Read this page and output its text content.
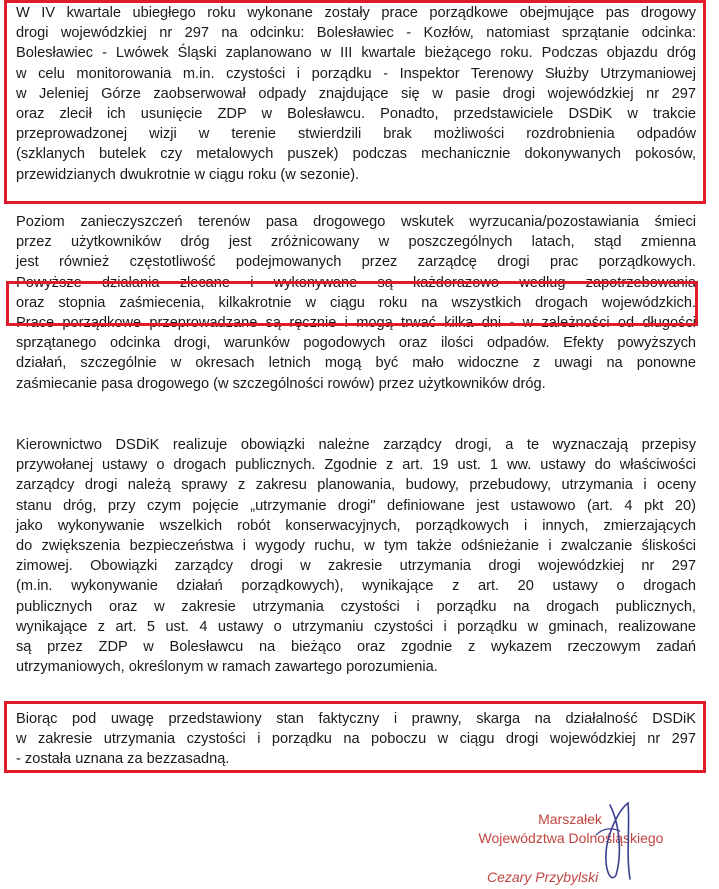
W IV kwartale ubiegłego roku wykonane zostały prace porządkowe obejmujące pas drogowy
drogi wojewódzkiej nr 297 na odcinku: Bolesławiec - Kozłów, natomiast sprzątanie odcinka:
Bolesławiec - Lwówek Śląski zaplanowano w III kwartale bieżącego roku. Podczas objazdu dróg
w celu monitorowania m.in. czystości i porządku - Inspektor Terenowy Służby Utrzymaniowej
w Jeleniej Górze zaobserwował odpady znajdujące się w pasie drogi wojewódzkiej nr 297
oraz zlecił ich usunięcie ZDP w Bolesławcu. Ponadto, przedstawiciele DSDiK w trakcie
przeprowadzonej wizji w terenie stwierdzili brak możliwości rozdrobnienia odpadów
(szklanych butelek czy metalowych puszek) podczas mechanicznie dokonywanych pokosów,
przewidzianych dwukrotnie w ciągu roku (w sezonie).
Poziom zanieczyszczeń terenów pasa drogowego wskutek wyrzucania/pozostawiania śmieci
przez użytkowników dróg jest zróżnicowany w poszczególnych latach, stąd zmienna
jest również częstotliwość podejmowanych przez zarządcę drogi prac porządkowych.
Powyższe działania zlecane i wykonywane są każdorazowo według zapotrzebowania
oraz stopnia zaśmiecenia, kilkakrotnie w ciągu roku na wszystkich drogach wojewódzkich.
Prace porządkowe przeprowadzane są ręcznie i mogą trwać kilka dni - w zależności od długości
sprzątanego odcinka drogi, warunków pogodowych oraz ilości odpadów. Efekty powyższych
działań, szczególnie w okresach letnich mogą być mało widoczne z uwagi na ponowne
zaśmiecanie pasa drogowego (w szczególności rowów) przez użytkowników dróg.
Kierownictwo DSDiK realizuje obowiązki należne zarządcy drogi, a te wyznaczają przepisy
przywołanej ustawy o drogach publicznych. Zgodnie z art. 19 ust. 1 ww. ustawy do właściwości
zarządcy drogi należą sprawy z zakresu planowania, budowy, przebudowy, utrzymania i oceny
stanu dróg, przy czym pojęcie „utrzymanie drogi" definiowane jest ustawowo (art. 4 pkt 20)
jako wykonywanie wszelkich robót konserwacyjnych, porządkowych i innych, zmierzających
do zwiększenia bezpieczeństwa i wygody ruchu, w tym także odśnieżanie i zwalczanie śliskości
zimowej. Obowiązki zarządcy drogi w zakresie utrzymania drogi wojewódzkiej nr 297
(m.in. wykonywanie działań porządkowych), wynikające z art. 20 ustawy o drogach
publicznych oraz w zakresie utrzymania czystości i porządku na drogach publicznych,
wynikające z art. 5 ust. 4 ustawy o utrzymaniu czystości i porządku w gminach, realizowane
są przez ZDP w Bolesławcu na bieżąco oraz zgodnie z wykazem rzeczowym zadań
utrzymaniowych, określonym w ramach zawartego porozumienia.
Biorąc pod uwagę przedstawiony stan faktyczny i prawny, skarga na działalność DSDiK
w zakresie utrzymania czystości i porządku na poboczu w ciągu drogi wojewódzkiej nr 297
- została uznana za bezzasadną.
Marszałek
Województwa Dolnośląskiego
Cezary Przybylski
